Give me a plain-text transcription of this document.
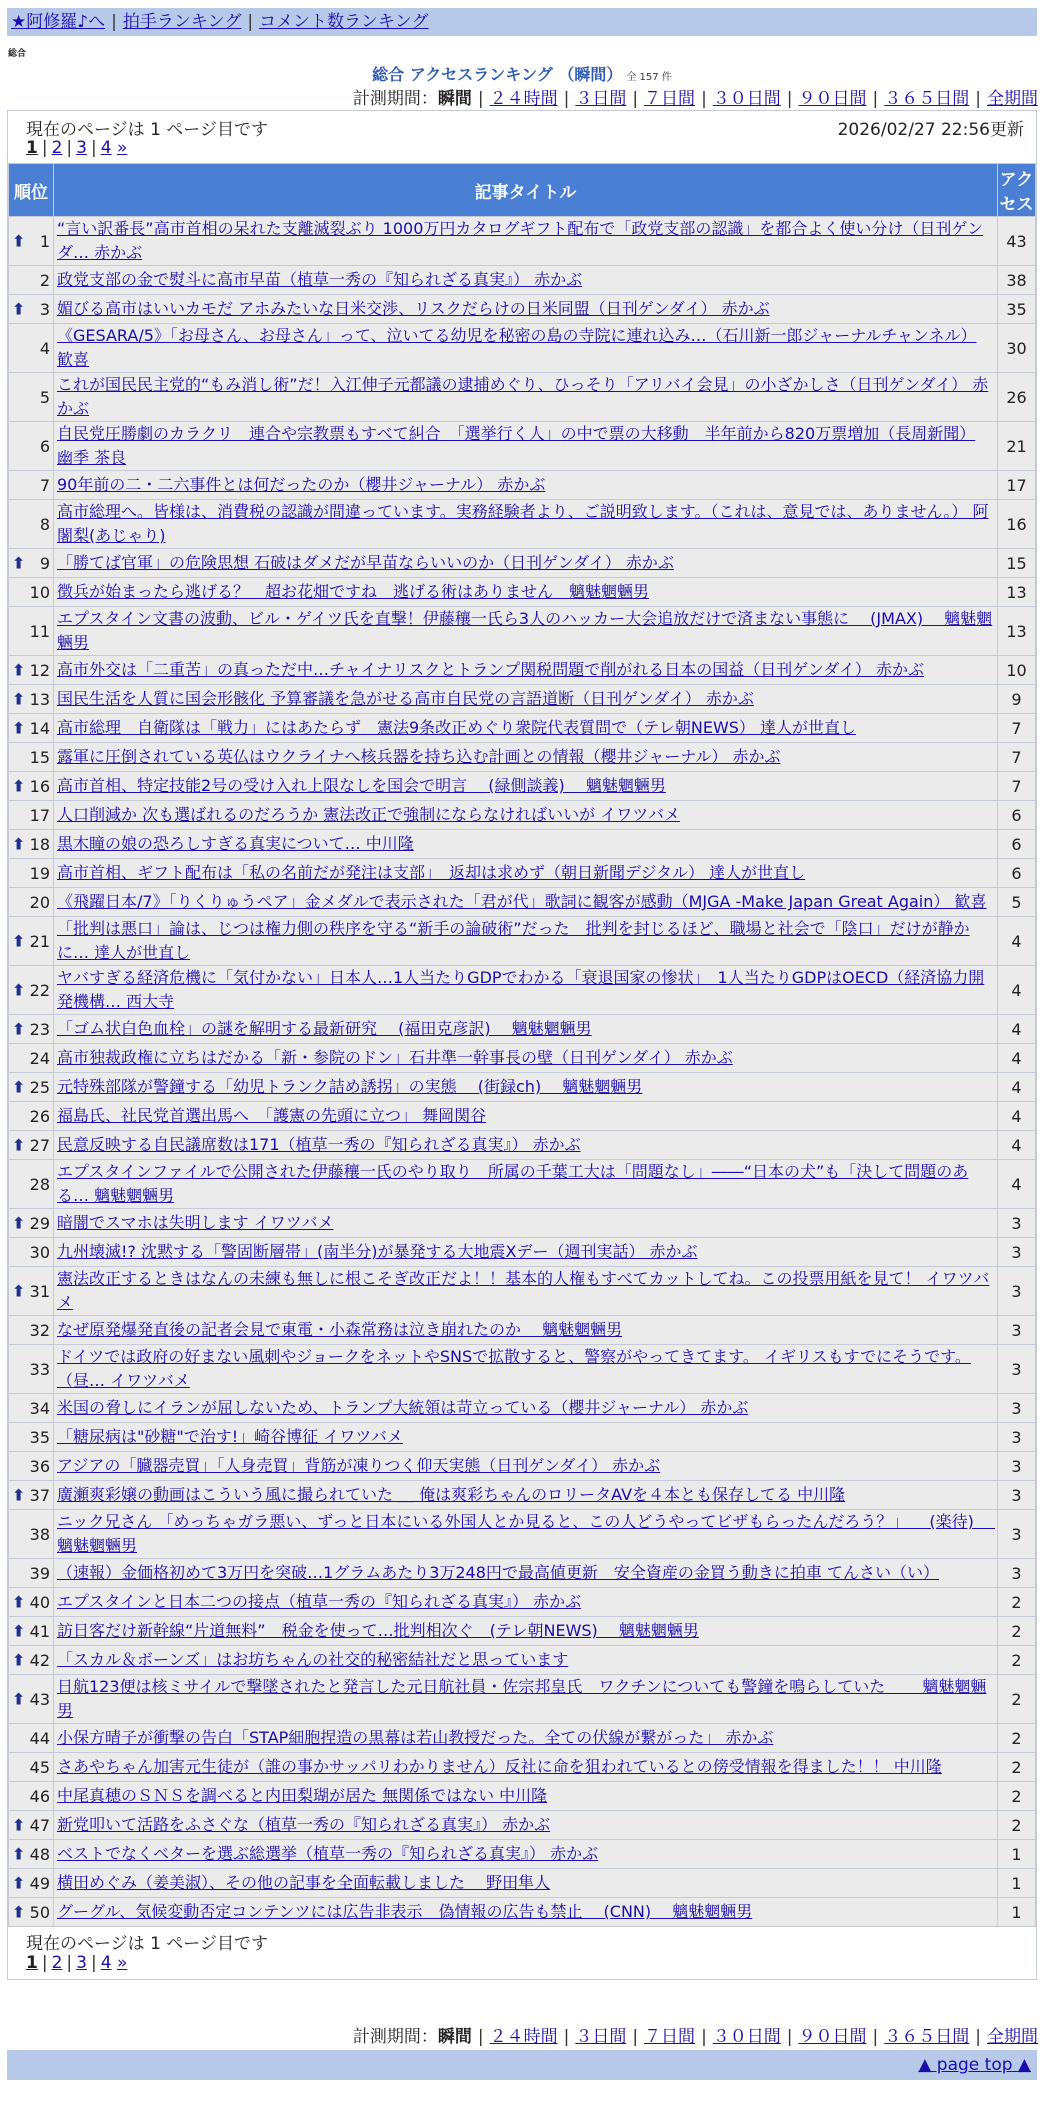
★阿修羅♪へ | 拍手ランキング | コメント数ランキング
総合
総合 アクセスランキング （瞬間） 全 157 件
計測期間：瞬間 | ２４時間 | ３日間 | ７日間 | ３０日間 | ９０日間 | ３６５日間 | 全期間
現在のページは 1 ページ目です	2026/02/27 22:56更新
1 | 2 | 3 | 4 »
順位	記事タイトル	アクセス

⬆ 1	“言い訳番長”高市首相の呆れた支離滅裂ぶり 1000万円カタログギフト配布で「政党支部の認識」を都合よく使い分け（日刊ゲンダ… 赤かぶ	43
2	政党支部の金で熨斗に高市早苗（植草一秀の『知られざる真実』） 赤かぶ	38

⬆ 3	媚びる高市はいいカモだ アホみたいな日米交渉、リスクだらけの日米同盟（日刊ゲンダイ） 赤かぶ	35
4	《GESARA/5》「お母さん、お母さん」って、泣いてる幼児を秘密の島の寺院に連れ込み…（石川新一郎ジャーナルチャンネル） 歓喜	30
5	これが国民民主党的“もみ消し術”だ！入江伸子元都議の逮捕めぐり、ひっそり「アリバイ会見」の小ざかしさ（日刊ゲンダイ） 赤かぶ	26
6	自民党圧勝劇のカラクリ　連合や宗教票もすべて糾合　「選挙行く人」の中で票の大移動　半年前から820万票増加（長周新聞） 幽季 茶良	21
7	90年前の二・二六事件とは何だったのか（櫻井ジャーナル） 赤かぶ	17
8	高市総理へ。皆様は、消費税の認識が間違っています。実務経験者より、ご説明致します。（これは、意見では、ありません。） 阿闍梨(あじゃり)	16

⬆ 9	「勝てば官軍」の危険思想 石破はダメだが早苗ならいいのか（日刊ゲンダイ） 赤かぶ	15
10	徴兵が始まったら逃げる？　超お花畑ですね　逃げる術はありません　魑魅魍魎男	13
11	エプスタイン文書の波動、ビル・ゲイツ氏を直撃！伊藤穰一氏ら3人のハッカー大会追放だけで済まない事態に 　(JMAX)　 魑魅魍魎男	13

⬆ 12	高市外交は「二重苦」の真っただ中…チャイナリスクとトランプ関税問題で削がれる日本の国益（日刊ゲンダイ） 赤かぶ	10

⬆ 13	国民生活を人質に国会形骸化 予算審議を急がせる高市自民党の言語道断（日刊ゲンダイ） 赤かぶ	9

⬆ 14	高市総理　自衛隊は「戦力」にはあたらず　憲法9条改正めぐり衆院代表質問で（テレ朝NEWS） 達人が世直し	7
15	露軍に圧倒されている英仏はウクライナへ核兵器を持ち込む計画との情報（櫻井ジャーナル） 赤かぶ	7

⬆ 16	高市首相、特定技能2号の受け入れ上限なしを国会で明言 　(緑側談義)　 魑魅魍魎男	7
17	人口削減か 次も選ばれるのだろうか 憲法改正で強制にならなければいいが イワツバメ	6

⬆ 18	黒木瞳の娘の恐ろしすぎる真実について… 中川隆	6
19	高市首相、ギフト配布は「私の名前だが発注は支部」　返却は求めず（朝日新聞デジタル） 達人が世直し	6
20	《飛躍日本/7》「りくりゅうペア」金メダルで表示された「君が代」歌詞に観客が感動（MJGA -Make Japan Great Again） 歓喜	5

⬆ 21	「批判は悪口」論は、じつは権力側の秩序を守る“新手の論破術”だった　批判を封じるほど、職場と社会で「陰口」だけが静かに… 達人が世直し	4

⬆ 22	ヤバすぎる経済危機に「気付かない」日本人…1人当たりGDPでわかる「衰退国家の惨状」　1人当たりGDPはOECD（経済協力開発機構… 西大寺	4

⬆ 23	「ゴム状白色血栓」の謎を解明する最新研究 　(福田克彦訳)　 魑魅魍魎男	4
24	高市独裁政権に立ちはだかる「新・参院のドン」石井準一幹事長の壁（日刊ゲンダイ） 赤かぶ	4

⬆ 25	元特殊部隊が警鐘する「幼児トランク詰め誘拐」の実態 　(街録ch)　 魑魅魍魎男	4
26	福島氏、社民党首選出馬へ　「護憲の先頭に立つ」 舞岡関谷	4

⬆ 27	民意反映する自民議席数は171（植草一秀の『知られざる真実』） 赤かぶ	4
28	エプスタインファイルで公開された伊藤穰一氏のやり取り　所属の千葉工大は「問題なし」――“日本の犬”も「決して問題のある… 魑魅魍魎男	4

⬆ 29	暗闇でスマホは失明します イワツバメ	3
30	九州壊滅!? 沈黙する「警固断層帯」(南半分)が暴発する大地震Xデー（週刊実話） 赤かぶ	3

⬆ 31	憲法改正するときはなんの未練も無しに根こそぎ改正だよ！！基本的人権もすべてカットしてね。この投票用紙を見て！ イワツバメ	3
32	なぜ原発爆発直後の記者会見で東電・小森常務は泣き崩れたのか 　魑魅魍魎男	3
33	ドイツでは政府の好まない風刺やジョークをネットやSNSで拡散すると、警察がやってきてます。 イギリスもすでにそうです。（昼… イワツバメ	3
34	米国の脅しにイランが屈しないため、トランプ大統領は苛立っている（櫻井ジャーナル） 赤かぶ	3
35	「糖尿病は"砂糖"で治す!」崎谷博征 イワツバメ	3
36	アジアの「臓器売買」「人身売買」背筋が凍りつく仰天実態（日刊ゲンダイ） 赤かぶ	3

⬆ 37	廣瀬爽彩嬢の動画はこういう風に撮られていた ＿ 俺は爽彩ちゃんのロリータAVを４本とも保存してる 中川隆	3
38	ニック兄さん 「めっちゃガラ悪い、ずっと日本にいる外国人とか見ると、この人どうやってビザもらったんだろう？」 　(楽待)　 魑魅魍魎男	3
39	（速報）金価格初めて3万円を突破…1グラムあたり3万248円で最高値更新　安全資産の金買う動きに拍車 てんさい（い）	3

⬆ 40	エプスタインと日本二つの接点（植草一秀の『知られざる真実』） 赤かぶ	2

⬆ 41	訪日客だけ新幹線“片道無料”　税金を使って…批判相次ぐ　(テレ朝NEWS)　 魑魅魍魎男	2

⬆ 42	「スカル＆ボーンズ」はお坊ちゃんの社交的秘密結社だと思っています	2

⬆ 43	日航123便は核ミサイルで撃墜されたと発言した元日航社員・佐宗邦皇氏　ワクチンについても警鐘を鳴らしていた 　　魑魅魍魎男	2
44	小保方晴子が衝撃の告白「STAP細胞捏造の黒幕は若山教授だった。全ての伏線が繋がった」 赤かぶ	2
45	さあやちゃん加害元生徒が（誰の事かサッパリわかりません）反社に命を狙われているとの傍受情報を得ました！！ 中川隆	2
46	中尾真穂のＳＮＳを調べると内田梨瑚が居た 無関係ではない 中川隆	2

⬆ 47	新党叩いて活路をふさぐな（植草一秀の『知られざる真実』） 赤かぶ	2

⬆ 48	ベストでなくベターを選ぶ総選挙（植草一秀の『知られざる真実』） 赤かぶ	1

⬆ 49	横田めぐみ（姜美淑）、その他の記事を全面転載しました 　野田隼人	1

⬆ 50	グーグル、気候変動否定コンテンツには広告非表示　偽情報の広告も禁止 　(CNN)　 魑魅魍魎男	1
現在のページは 1 ページ目です
1 | 2 | 3 | 4 »
計測期間：瞬間 | ２４時間 | ３日間 | ７日間 | ３０日間 | ９０日間 | ３６５日間 | 全期間
▲ page top ▲
